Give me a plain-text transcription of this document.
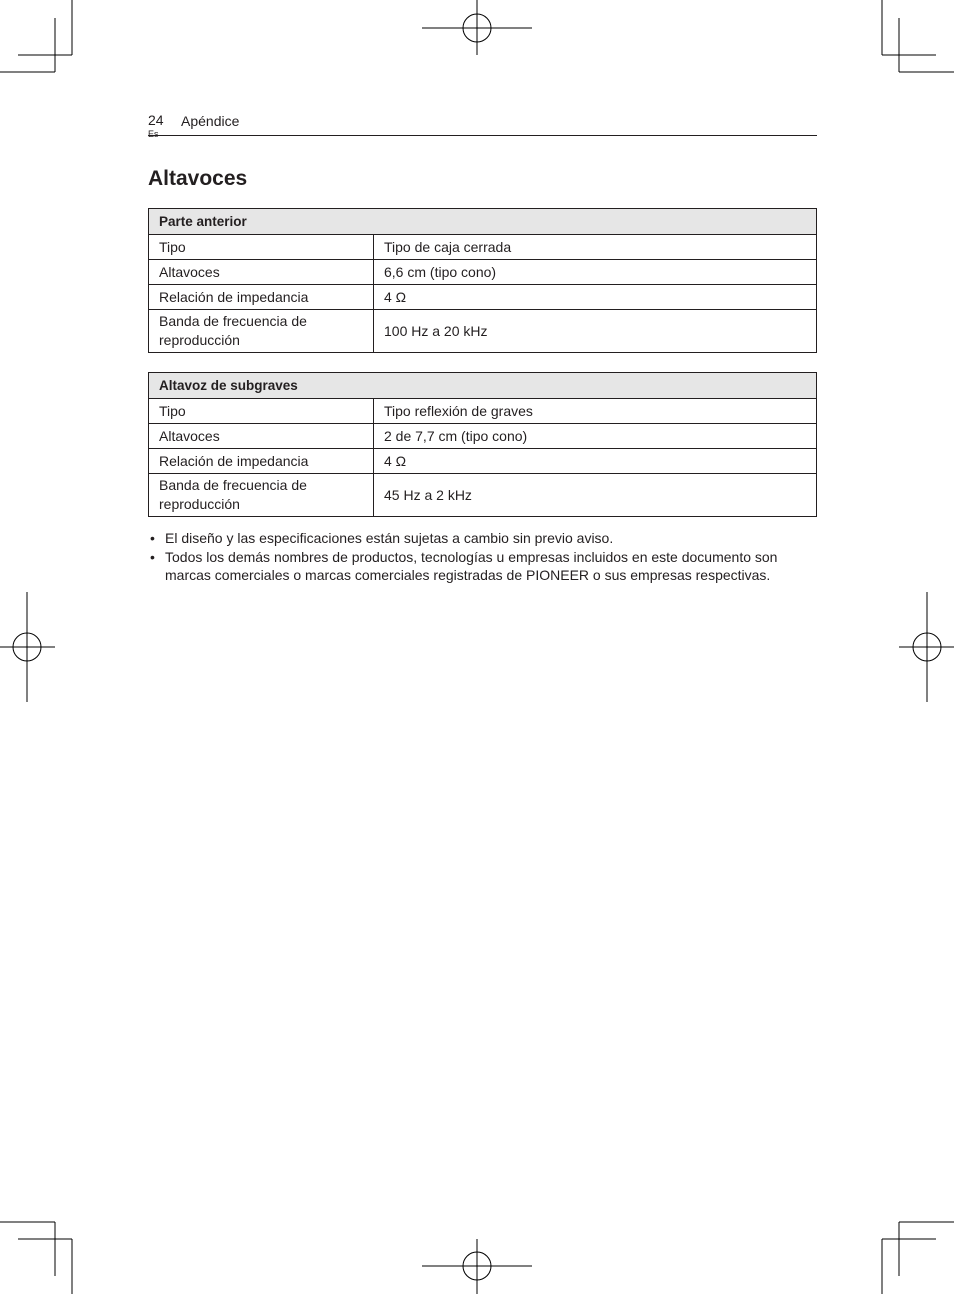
24
Es
Apéndice
Altavoces
Parte anterior	
Tipo	Tipo de caja cerrada
Altavoces	6,6 cm (tipo cono)
Relación de impedancia	4 Ω
Banda de frecuencia de reproducción	100 Hz a 20 kHz
Altavoz de subgraves	
Tipo	Tipo reflexión de graves
Altavoces	2 de 7,7 cm (tipo cono)
Relación de impedancia	4 Ω
Banda de frecuencia de reproducción	45 Hz a 2 kHz
• El diseño y las especificaciones están sujetas a cambio sin previo aviso.
• Todos los demás nombres de productos, tecnologías u empresas incluidos en este documento son marcas comerciales o marcas comerciales registradas de PIONEER o sus empresas respectivas.
